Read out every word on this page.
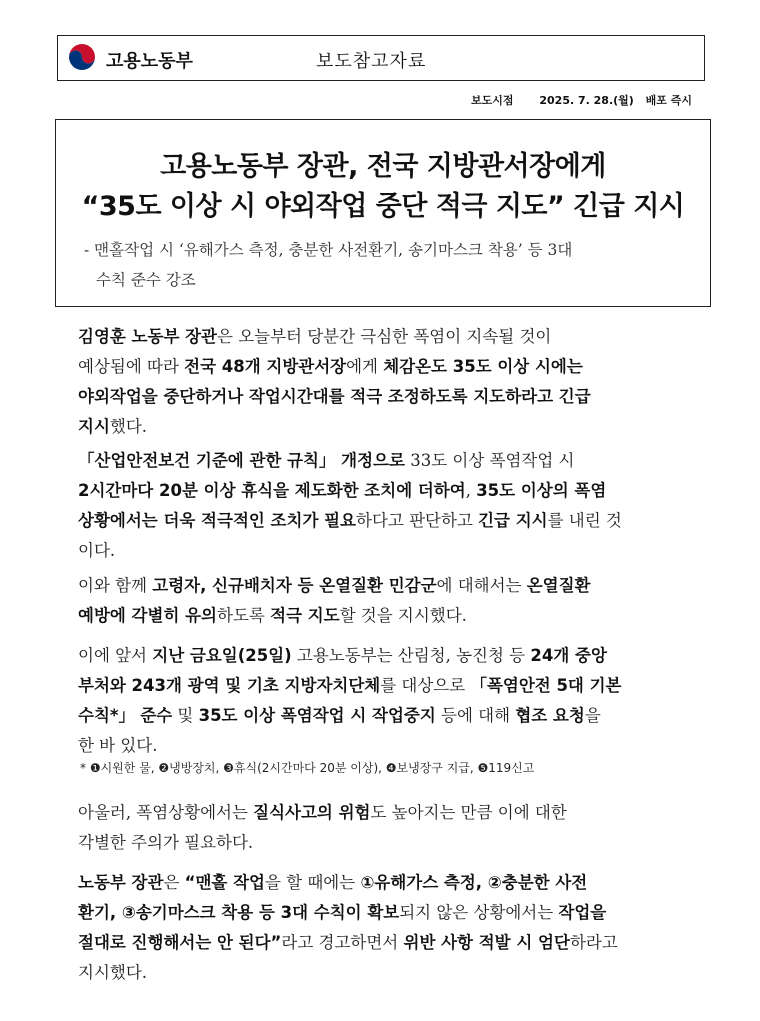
고용노동부	보도참고자료
보도시점 2025. 7. 28.(월) 배포 즉시
고용노동부 장관, 전국 지방관서장에게
“35도 이상 시 야외작업 중단 적극 지도” 긴급 지시
- 맨홀작업 시 ‘유해가스 측정, 충분한 사전환기, 송기마스크 착용’ 등 3대
수칙 준수 강조
김영훈 노동부 장관은 오늘부터 당분간 극심한 폭염이 지속될 것이
예상됨에 따라 전국 48개 지방관서장에게 체감온도 35도 이상 시에는
야외작업을 중단하거나 작업시간대를 적극 조정하도록 지도하라고 긴급
지시했다.
「산업안전보건 기준에 관한 규칙」 개정으로 33도 이상 폭염작업 시
2시간마다 20분 이상 휴식을 제도화한 조치에 더하여, 35도 이상의 폭염
상황에서는 더욱 적극적인 조치가 필요하다고 판단하고 긴급 지시를 내린 것
이다.
이와 함께 고령자, 신규배치자 등 온열질환 민감군에 대해서는 온열질환
예방에 각별히 유의하도록 적극 지도할 것을 지시했다.
이에 앞서 지난 금요일(25일) 고용노동부는 산림청, 농진청 등 24개 중앙
부처와 243개 광역 및 기초 지방자치단체를 대상으로 「폭염안전 5대 기본
수칙*」 준수 및 35도 이상 폭염작업 시 작업중지 등에 대해 협조 요청을
한 바 있다.
* ❶시원한 물, ❷냉방장치, ❸휴식(2시간마다 20분 이상), ❹보냉장구 지급, ❺119신고
아울러, 폭염상황에서는 질식사고의 위험도 높아지는 만큼 이에 대한
각별한 주의가 필요하다.
노동부 장관은 “맨홀 작업을 할 때에는 ①유해가스 측정, ②충분한 사전
환기, ③송기마스크 착용 등 3대 수칙이 확보되지 않은 상황에서는 작업을
절대로 진행해서는 안 된다”라고 경고하면서 위반 사항 적발 시 엄단하라고
지시했다.
